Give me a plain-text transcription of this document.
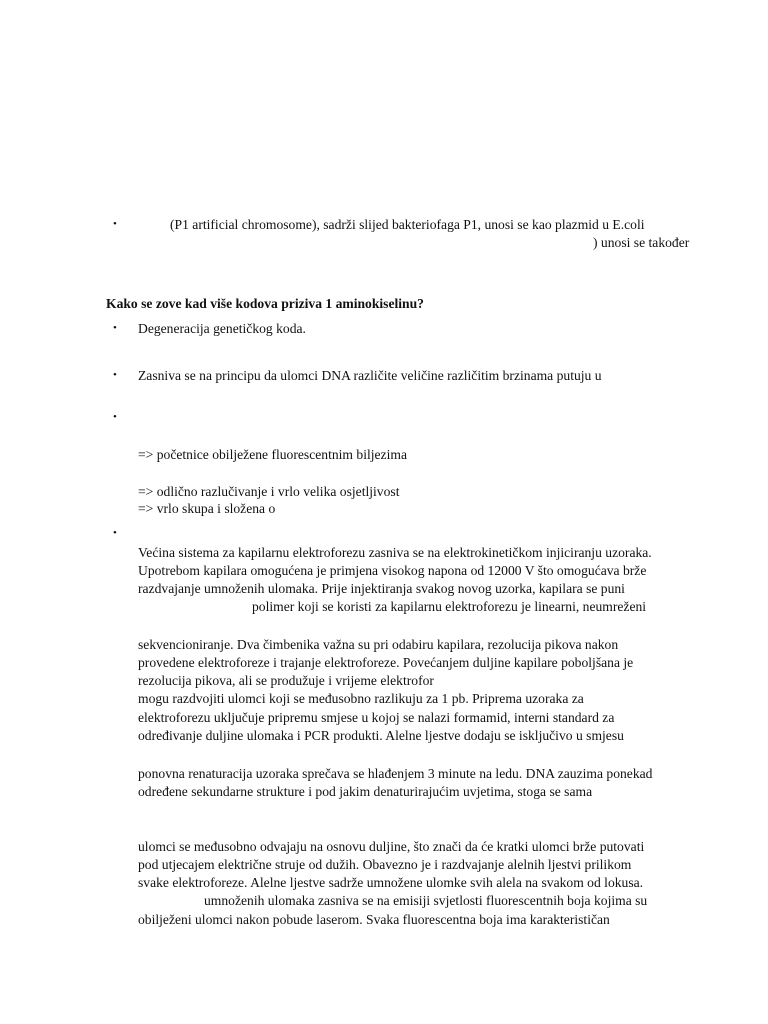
•	(P1 artificial chromosome), sadrži slijed bakteriofaga P1, unosi se kao plazmid u E.coli
) unosi se također
Kako se zove kad više kodova priziva 1 aminokiselinu?
• Degeneracija genetičkog koda.
• Zasniva se na principu da ulomci DNA različite veličine različitim brzinama putuju u
•
=> početnice obilježene fluorescentnim biljezima
=> odlično razlučivanje i vrlo velika osjetljivost
=> vrlo skupa i složena o
•
Većina sistema za kapilarnu elektroforezu zasniva se na elektrokinetičkom injiciranju uzoraka.
Upotrebom kapilara omogućena je primjena visokog napona od 12000 V što omogućava brže
razdvajanje umnoženih ulomaka. Prije injektiranja svakog novog uzorka, kapilara se puni
polimer koji se koristi za kapilarnu elektroforezu je linearni, neumreženi
sekvencioniranje. Dva čimbenika važna su pri odabiru kapilara, rezolucija pikova nakon
provedene elektroforeze i trajanje elektroforeze. Povećanjem duljine kapilare poboljšana je
rezolucija pikova, ali se produžuje i vrijeme elektrofor
mogu razdvojiti ulomci koji se međusobno razlikuju za 1 pb. Priprema uzoraka za
elektroforezu uključuje pripremu smjese u kojoj se nalazi formamid, interni standard za
određivanje duljine ulomaka i PCR produkti. Alelne ljestve dodaju se isključivo u smjesu
ponovna renaturacija uzoraka sprečava se hlađenjem 3 minute na ledu. DNA zauzima ponekad
određene sekundarne strukture i pod jakim denaturirajućim uvjetima, stoga se sama
ulomci se međusobno odvajaju na osnovu duljine, što znači da će kratki ulomci brže putovati
pod utjecajem električne struje od dužih. Obavezno je i razdvajanje alelnih ljestvi prilikom
svake elektroforeze. Alelne ljestve sadrže umnožene ulomke svih alela na svakom od lokusa.
umnoženih ulomaka zasniva se na emisiji svjetlosti fluorescentnih boja kojima su
obilježeni ulomci nakon pobude laserom. Svaka fluorescentna boja ima karakterističan
